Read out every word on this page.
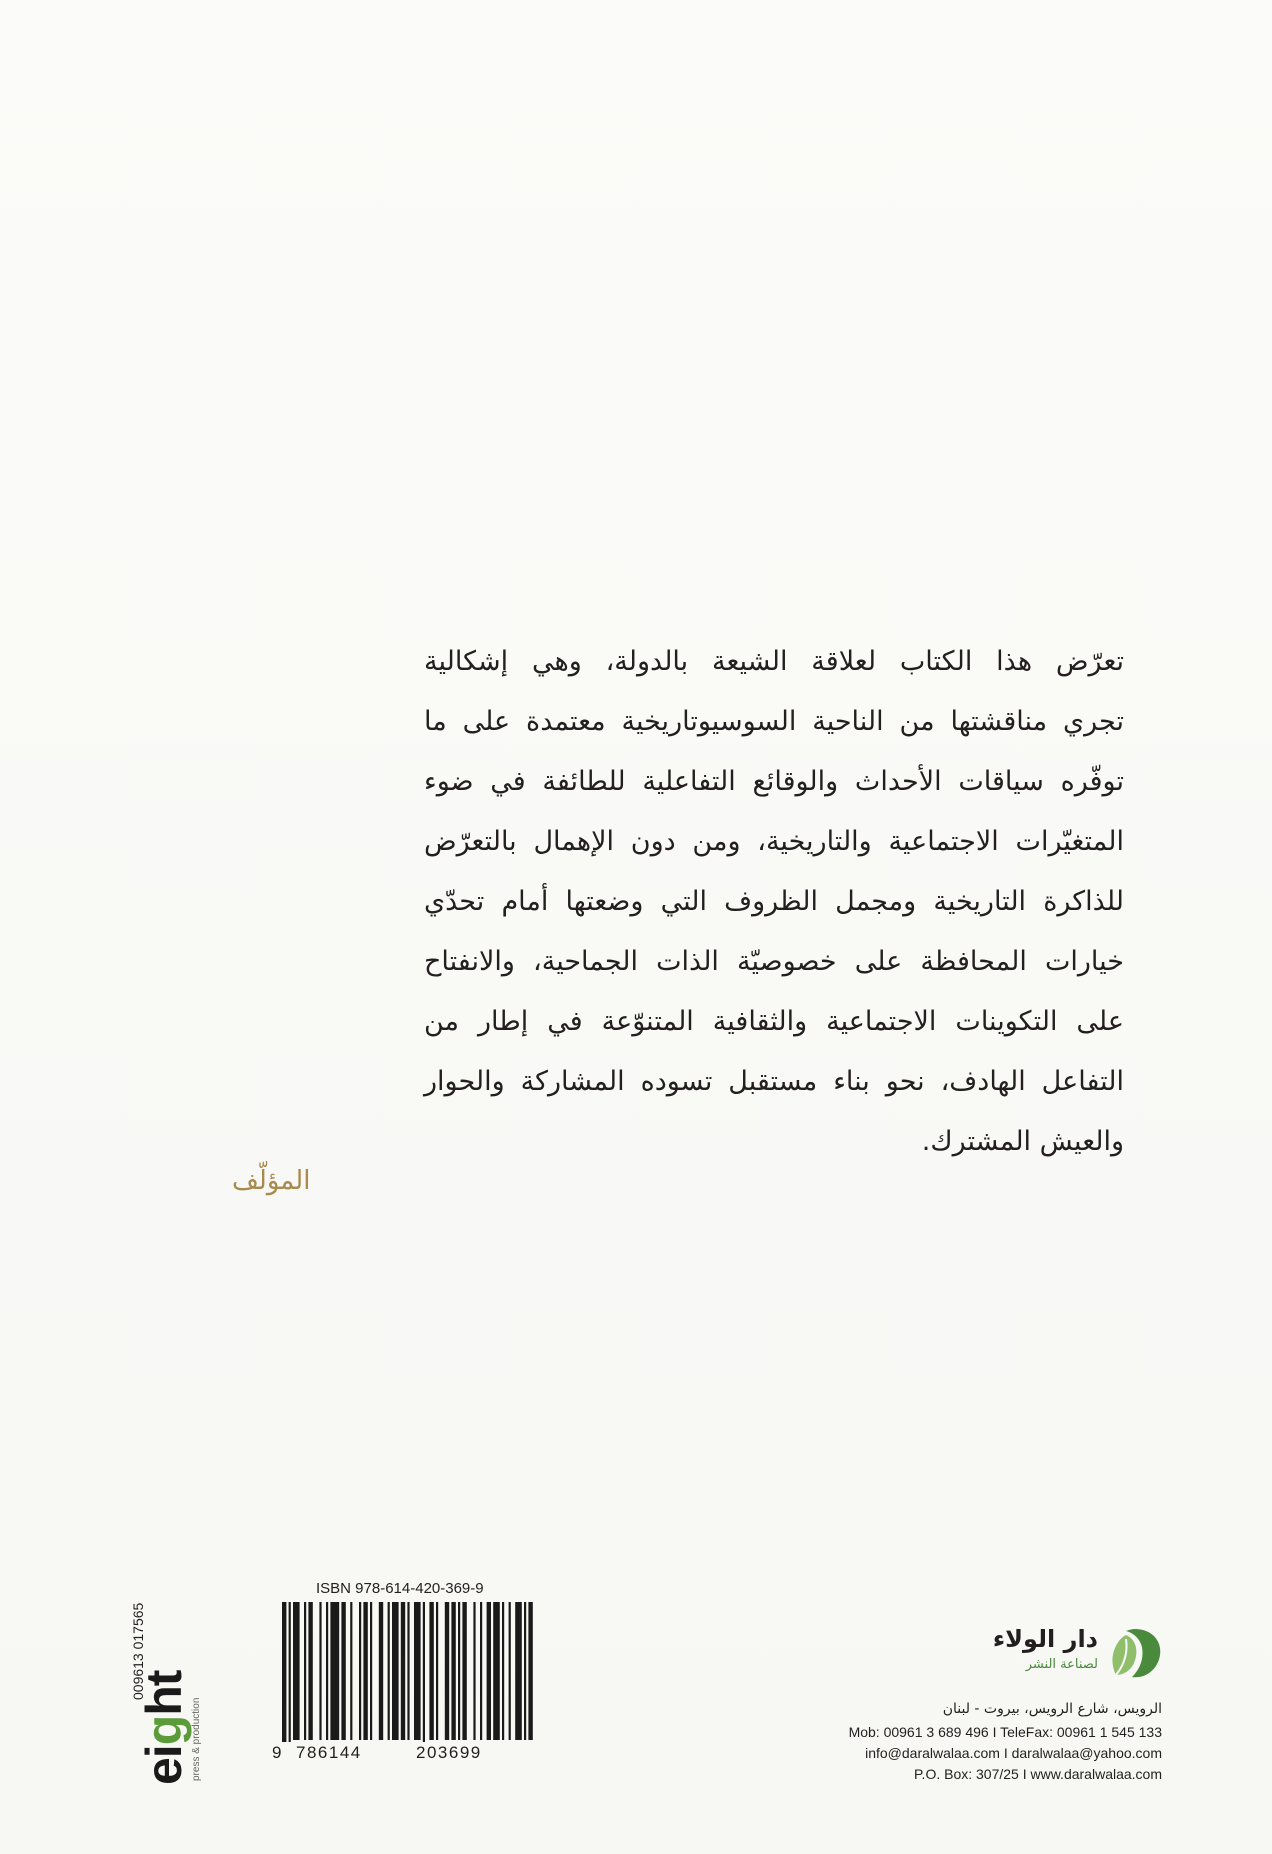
تعرّض هذا الكتاب لعلاقة الشيعة بالدولة، وهي إشكالية
تجري مناقشتها من الناحية السوسيوتاريخية معتمدة على ما
توفّره سياقات الأحداث والوقائع التفاعلية للطائفة في ضوء
المتغيّرات الاجتماعية والتاريخية، ومن دون الإهمال بالتعرّض
للذاكرة التاريخية ومجمل الظروف التي وضعتها أمام تحدّي
خيارات المحافظة على خصوصيّة الذات الجماحية، والانفتاح
على التكوينات الاجتماعية والثقافية المتنوّعة في إطار من
التفاعل الهادف، نحو بناء مستقبل تسوده المشاركة والحوار
والعيش المشترك.
المؤلّف
eight
press & production
009613 017565
ISBN 978-614-420-369-9
9 786144	203699
دار الولاء
لصناعة النشر
الرويس، شارع الرويس، بيروت - لبنان
Mob: 00961 3 689 496 I TeleFax: 00961 1 545 133
info@daralwalaa.com I daralwalaa@yahoo.com
P.O. Box: 307/25 I www.daralwalaa.com
